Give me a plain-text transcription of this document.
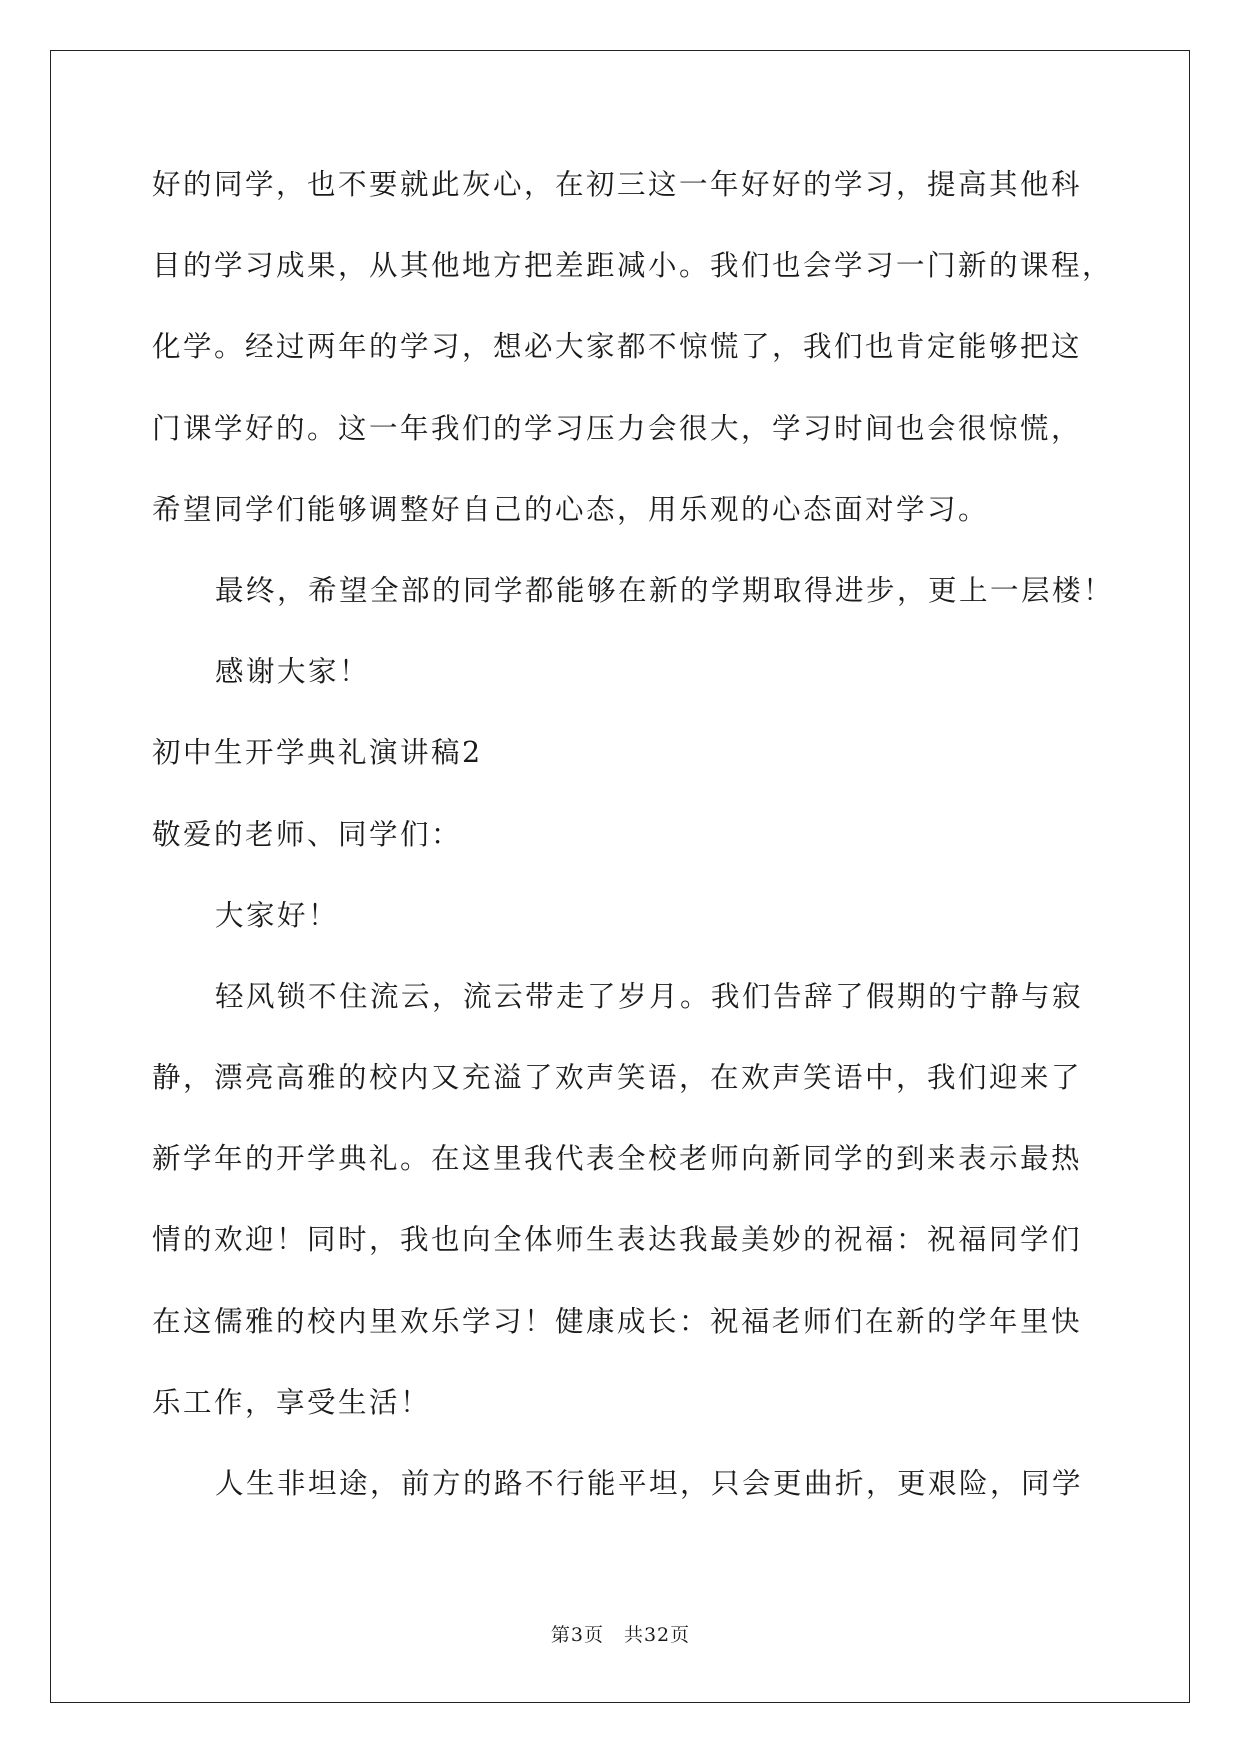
好的同学，也不要就此灰心，在初三这一年好好的学习，提高其他科
目的学习成果，从其他地方把差距减小。我们也会学习一门新的课程，
化学。经过两年的学习，想必大家都不惊慌了，我们也肯定能够把这
门课学好的。这一年我们的学习压力会很大，学习时间也会很惊慌，
希望同学们能够调整好自己的心态，用乐观的心态面对学习。
最终，希望全部的同学都能够在新的学期取得进步，更上一层楼！
感谢大家！
初中生开学典礼演讲稿2
敬爱的老师、同学们：
大家好！
轻风锁不住流云，流云带走了岁月。我们告辞了假期的宁静与寂
静，漂亮高雅的校内又充溢了欢声笑语，在欢声笑语中，我们迎来了
新学年的开学典礼。在这里我代表全校老师向新同学的到来表示最热
情的欢迎！同时，我也向全体师生表达我最美妙的祝福：祝福同学们
在这儒雅的校内里欢乐学习！健康成长：祝福老师们在新的学年里快
乐工作，享受生活！
人生非坦途，前方的路不行能平坦，只会更曲折，更艰险，同学
第3页 共32页
